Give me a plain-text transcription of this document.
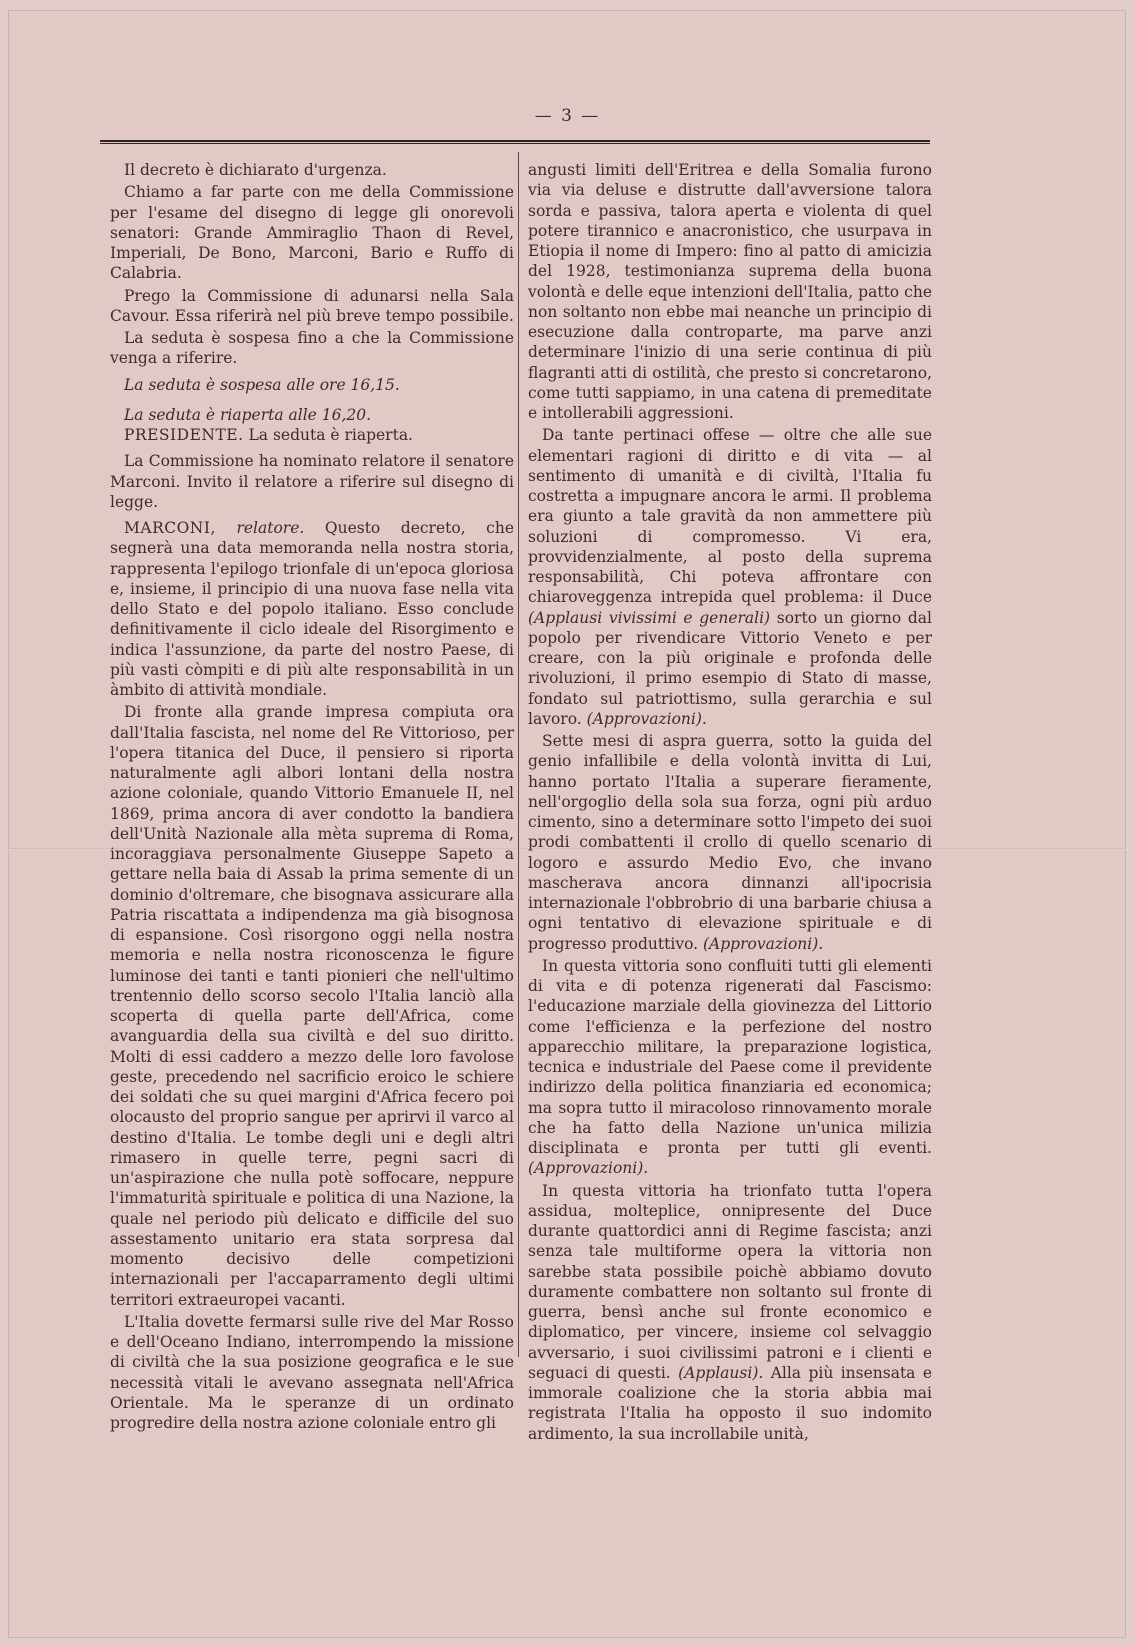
— 3 —

Il decreto è dichiarato d'urgenza.

Chiamo a far parte con me della Commissione per l'esame del disegno di legge gli onorevoli senatori: Grande Ammiraglio Thaon di Revel, Imperiali, De Bono, Marconi, Bario e Ruffo di Calabria.

Prego la Commissione di adunarsi nella Sala Cavour. Essa riferirà nel più breve tempo possibile.

La seduta è sospesa fino a che la Commissione venga a riferire.

La seduta è sospesa alle ore 16,15.

La seduta è riaperta alle 16,20.

PRESIDENTE. La seduta è riaperta.

La Commissione ha nominato relatore il senatore Marconi. Invito il relatore a riferire sul disegno di legge.

MARCONI, relatore. Questo decreto, che segnerà una data memoranda nella nostra storia, rappresenta l'epilogo trionfale di un'epoca gloriosa e, insieme, il principio di una nuova fase nella vita dello Stato e del popolo italiano. Esso conclude definitivamente il ciclo ideale del Risorgimento e indica l'assunzione, da parte del nostro Paese, di più vasti còmpiti e di più alte responsabilità in un àmbito di attività mondiale.

Di fronte alla grande impresa compiuta ora dall'Italia fascista, nel nome del Re Vittorioso, per l'opera titanica del Duce, il pensiero si riporta naturalmente agli albori lontani della nostra azione coloniale, quando Vittorio Emanuele II, nel 1869, prima ancora di aver condotto la bandiera dell'Unità Nazionale alla mèta suprema di Roma, incoraggiava personalmente Giuseppe Sapeto a gettare nella baia di Assab la prima semente di un dominio d'oltremare, che bisognava assicurare alla Patria riscattata a indipendenza ma già bisognosa di espansione. Così risorgono oggi nella nostra memoria e nella nostra riconoscenza le figure luminose dei tanti e tanti pionieri che nell'ultimo trentennio dello scorso secolo l'Italia lanciò alla scoperta di quella parte dell'Africa, come avanguardia della sua civiltà e del suo diritto. Molti di essi caddero a mezzo delle loro favolose geste, precedendo nel sacrificio eroico le schiere dei soldati che su quei margini d'Africa fecero poi olocausto del proprio sangue per aprirvi il varco al destino d'Italia. Le tombe degli uni e degli altri rimasero in quelle terre, pegni sacri di un'aspirazione che nulla potè soffocare, neppure l'immaturità spirituale e politica di una Nazione, la quale nel periodo più delicato e difficile del suo assestamento unitario era stata sorpresa dal momento decisivo delle competizioni internazionali per l'accaparramento degli ultimi territori extraeuropei vacanti.

L'Italia dovette fermarsi sulle rive del Mar Rosso e dell'Oceano Indiano, interrompendo la missione di civiltà che la sua posizione geografica e le sue necessità vitali le avevano assegnata nell'Africa Orientale. Ma le speranze di un ordinato progredire della nostra azione coloniale entro gli

angusti limiti dell'Eritrea e della Somalia furono via via deluse e distrutte dall'avversione talora sorda e passiva, talora aperta e violenta di quel potere tirannico e anacronistico, che usurpava in Etiopia il nome di Impero: fino al patto di amicizia del 1928, testimonianza suprema della buona volontà e delle eque intenzioni dell'Italia, patto che non soltanto non ebbe mai neanche un principio di esecuzione dalla controparte, ma parve anzi determinare l'inizio di una serie continua di più flagranti atti di ostilità, che presto si concretarono, come tutti sappiamo, in una catena di premeditate e intollerabili aggressioni.

Da tante pertinaci offese — oltre che alle sue elementari ragioni di diritto e di vita — al sentimento di umanità e di civiltà, l'Italia fu costretta a impugnare ancora le armi. Il problema era giunto a tale gravità da non ammettere più soluzioni di compromesso. Vi era, provvidenzialmente, al posto della suprema responsabilità, Chi poteva affrontare con chiaroveggenza intrepida quel problema: il Duce (Applausi vivissimi e generali) sorto un giorno dal popolo per rivendicare Vittorio Veneto e per creare, con la più originale e profonda delle rivoluzioni, il primo esempio di Stato di masse, fondato sul patriottismo, sulla gerarchia e sul lavoro. (Approvazioni).

Sette mesi di aspra guerra, sotto la guida del genio infallibile e della volontà invitta di Lui, hanno portato l'Italia a superare fieramente, nell'orgoglio della sola sua forza, ogni più arduo cimento, sino a determinare sotto l'impeto dei suoi prodi combattenti il crollo di quello scenario di logoro e assurdo Medio Evo, che invano mascherava ancora dinnanzi all'ipocrisia internazionale l'obbrobrio di una barbarie chiusa a ogni tentativo di elevazione spirituale e di progresso produttivo. (Approvazioni).

In questa vittoria sono confluiti tutti gli elementi di vita e di potenza rigenerati dal Fascismo: l'educazione marziale della giovinezza del Littorio come l'efficienza e la perfezione del nostro apparecchio militare, la preparazione logistica, tecnica e industriale del Paese come il previdente indirizzo della politica finanziaria ed economica; ma sopra tutto il miracoloso rinnovamento morale che ha fatto della Nazione un'unica milizia disciplinata e pronta per tutti gli eventi. (Approvazioni).

In questa vittoria ha trionfato tutta l'opera assidua, molteplice, onnipresente del Duce durante quattordici anni di Regime fascista; anzi senza tale multiforme opera la vittoria non sarebbe stata possibile poichè abbiamo dovuto duramente combattere non soltanto sul fronte di guerra, bensì anche sul fronte economico e diplomatico, per vincere, insieme col selvaggio avversario, i suoi civilissimi patroni e i clienti e seguaci di questi. (Applausi). Alla più insensata e immorale coalizione che la storia abbia mai registrata l'Italia ha opposto il suo indomito ardimento, la sua incrollabile unità,
